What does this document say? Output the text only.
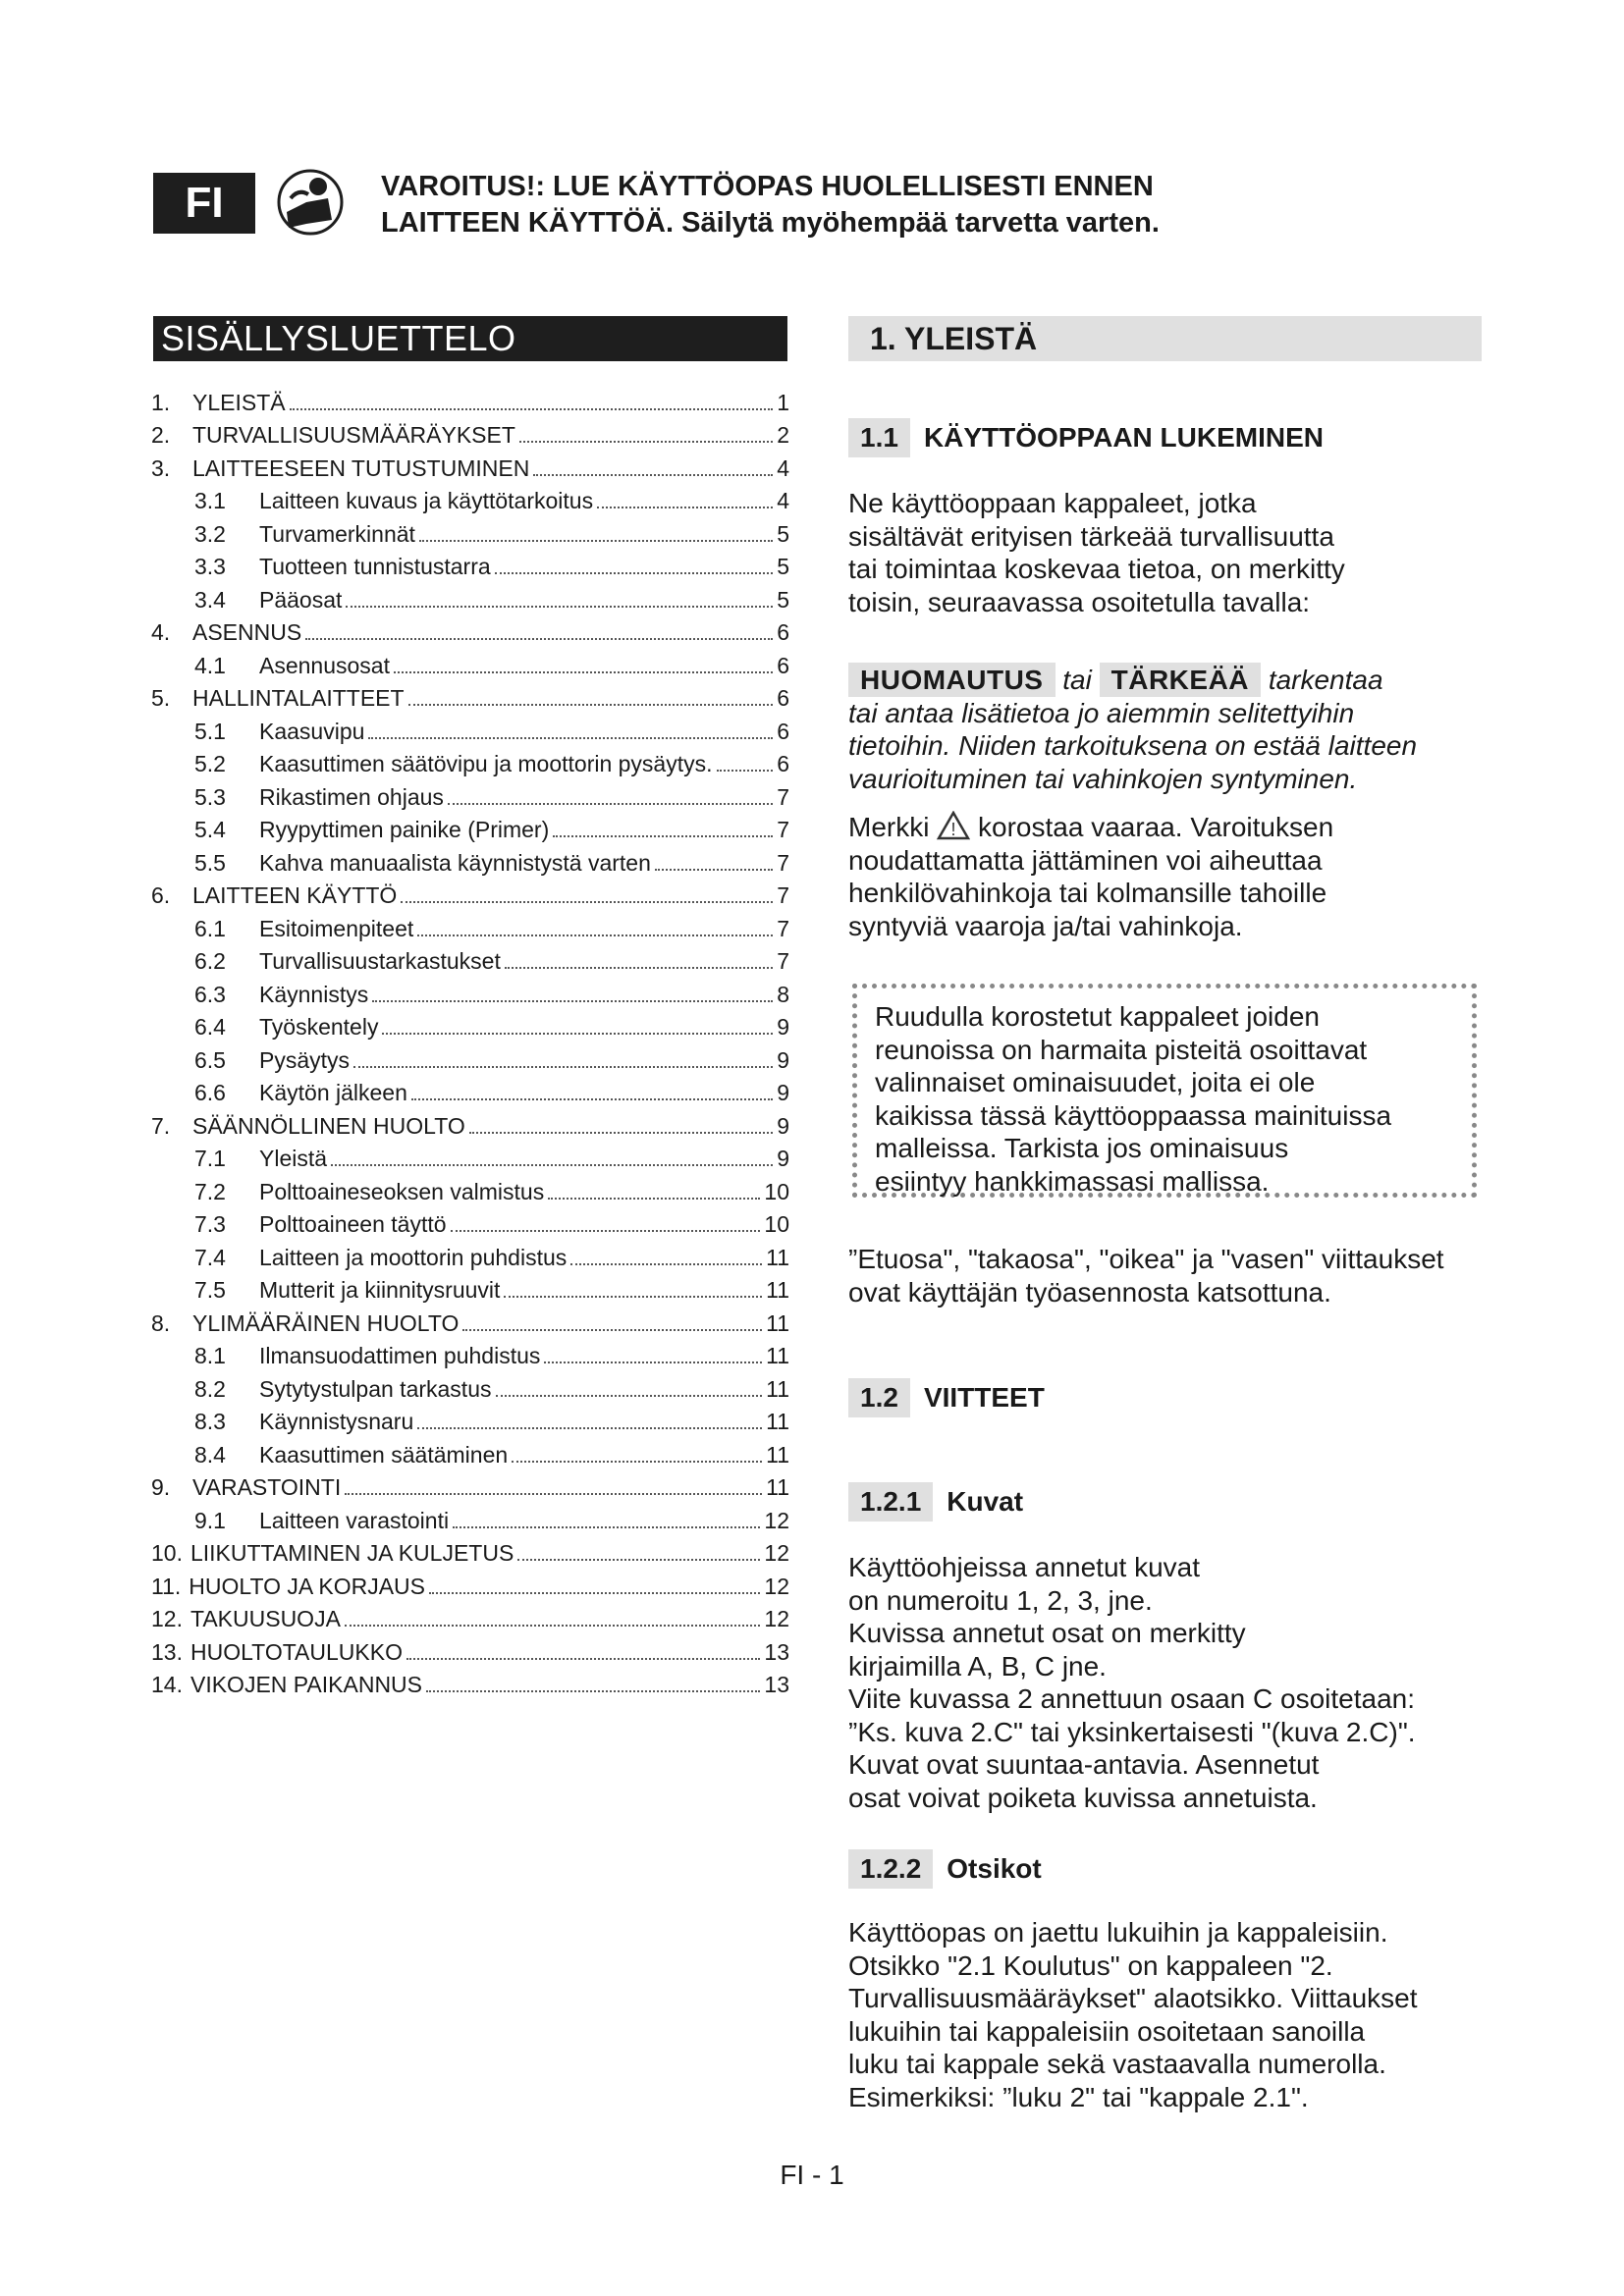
FI	VAROITUS!: LUE KÄYTTÖOPAS HUOLELLISESTI ENNEN
LAITTEEN KÄYTTÖÄ. Säilytä myöhempää tarvetta varten.
SISÄLLYSLUETTELO
1. YLEISTÄ	1
2. TURVALLISUUSMÄÄRÄYKSET	2
3. LAITTEESEEN TUTUSTUMINEN	4
3.1	Laitteen kuvaus ja käyttötarkoitus	4
3.2	Turvamerkinnät	5
3.3	Tuotteen tunnistustarra	5
3.4	Pääosat	5
4. ASENNUS	6
4.1	Asennusosat	6
5. HALLINTALAITTEET	6
5.1	Kaasuvipu	6
5.2	Kaasuttimen säätövipu ja moottorin pysäytys.	6
5.3	Rikastimen ohjaus	7
5.4	Ryypyttimen painike (Primer)	7
5.5	Kahva manuaalista käynnistystä varten	7
6. LAITTEEN KÄYTTÖ	7
6.1	Esitoimenpiteet	7
6.2	Turvallisuustarkastukset	7
6.3	Käynnistys	8
6.4	Työskentely	9
6.5	Pysäytys	9
6.6	Käytön jälkeen	9
7. SÄÄNNÖLLINEN HUOLTO	9
7.1	Yleistä	9
7.2	Polttoaineseoksen valmistus	10
7.3	Polttoaineen täyttö	10
7.4	Laitteen ja moottorin puhdistus	11
7.5	Mutterit ja kiinnitysruuvit	11
8. YLIMÄÄRÄINEN HUOLTO	11
8.1	Ilmansuodattimen puhdistus	11
8.2	Sytytystulpan tarkastus	11
8.3	Käynnistysnaru	11
8.4	Kaasuttimen säätäminen	11
9. VARASTOINTI	11
9.1	Laitteen varastointi	12
10. LIIKUTTAMINEN JA KULJETUS	12
11. HUOLTO JA KORJAUS	12
12. TAKUUSUOJA	12
13. HUOLTOTAULUKKO	13
14. VIKOJEN PAIKANNUS	13
1. YLEISTÄ
1.1 KÄYTTÖOPPAAN LUKEMINEN
Ne käyttöoppaan kappaleet, jotka
sisältävät erityisen tärkeää turvallisuutta
tai toimintaa koskevaa tietoa, on merkitty
toisin, seuraavassa osoitetulla tavalla:
HUOMAUTUS tai TÄRKEÄÄ tarkentaa
tai antaa lisätietoa jo aiemmin selitettyihin
tietoihin. Niiden tarkoituksena on estää laitteen
vaurioituminen tai vahinkojen syntyminen.
Merkki ! korostaa vaaraa. Varoituksen
noudattamatta jättäminen voi aiheuttaa
henkilövahinkoja tai kolmansille tahoille
syntyviä vaaroja ja/tai vahinkoja.
Ruudulla korostetut kappaleet joiden
reunoissa on harmaita pisteitä osoittavat
valinnaiset ominaisuudet, joita ei ole
kaikissa tässä käyttöoppaassa mainituissa
malleissa. Tarkista jos ominaisuus
esiintyy hankkimassasi mallissa.
”Etuosa", "takaosa", "oikea" ja "vasen" viittaukset
ovat käyttäjän työasennosta katsottuna.
1.2 VIITTEET
1.2.1 Kuvat
Käyttöohjeissa annetut kuvat
on numeroitu 1, 2, 3, jne.
Kuvissa annetut osat on merkitty
kirjaimilla A, B, C jne.
Viite kuvassa 2 annettuun osaan C osoitetaan:
”Ks. kuva 2.C" tai yksinkertaisesti "(kuva 2.C)".
Kuvat ovat suuntaa-antavia. Asennetut
osat voivat poiketa kuvissa annetuista.
1.2.2 Otsikot
Käyttöopas on jaettu lukuihin ja kappaleisiin.
Otsikko "2.1 Koulutus" on kappaleen "2.
Turvallisuusmääräykset" alaotsikko. Viittaukset
lukuihin tai kappaleisiin osoitetaan sanoilla
luku tai kappale sekä vastaavalla numerolla.
Esimerkiksi: ”luku 2" tai "kappale 2.1".
FI - 1
